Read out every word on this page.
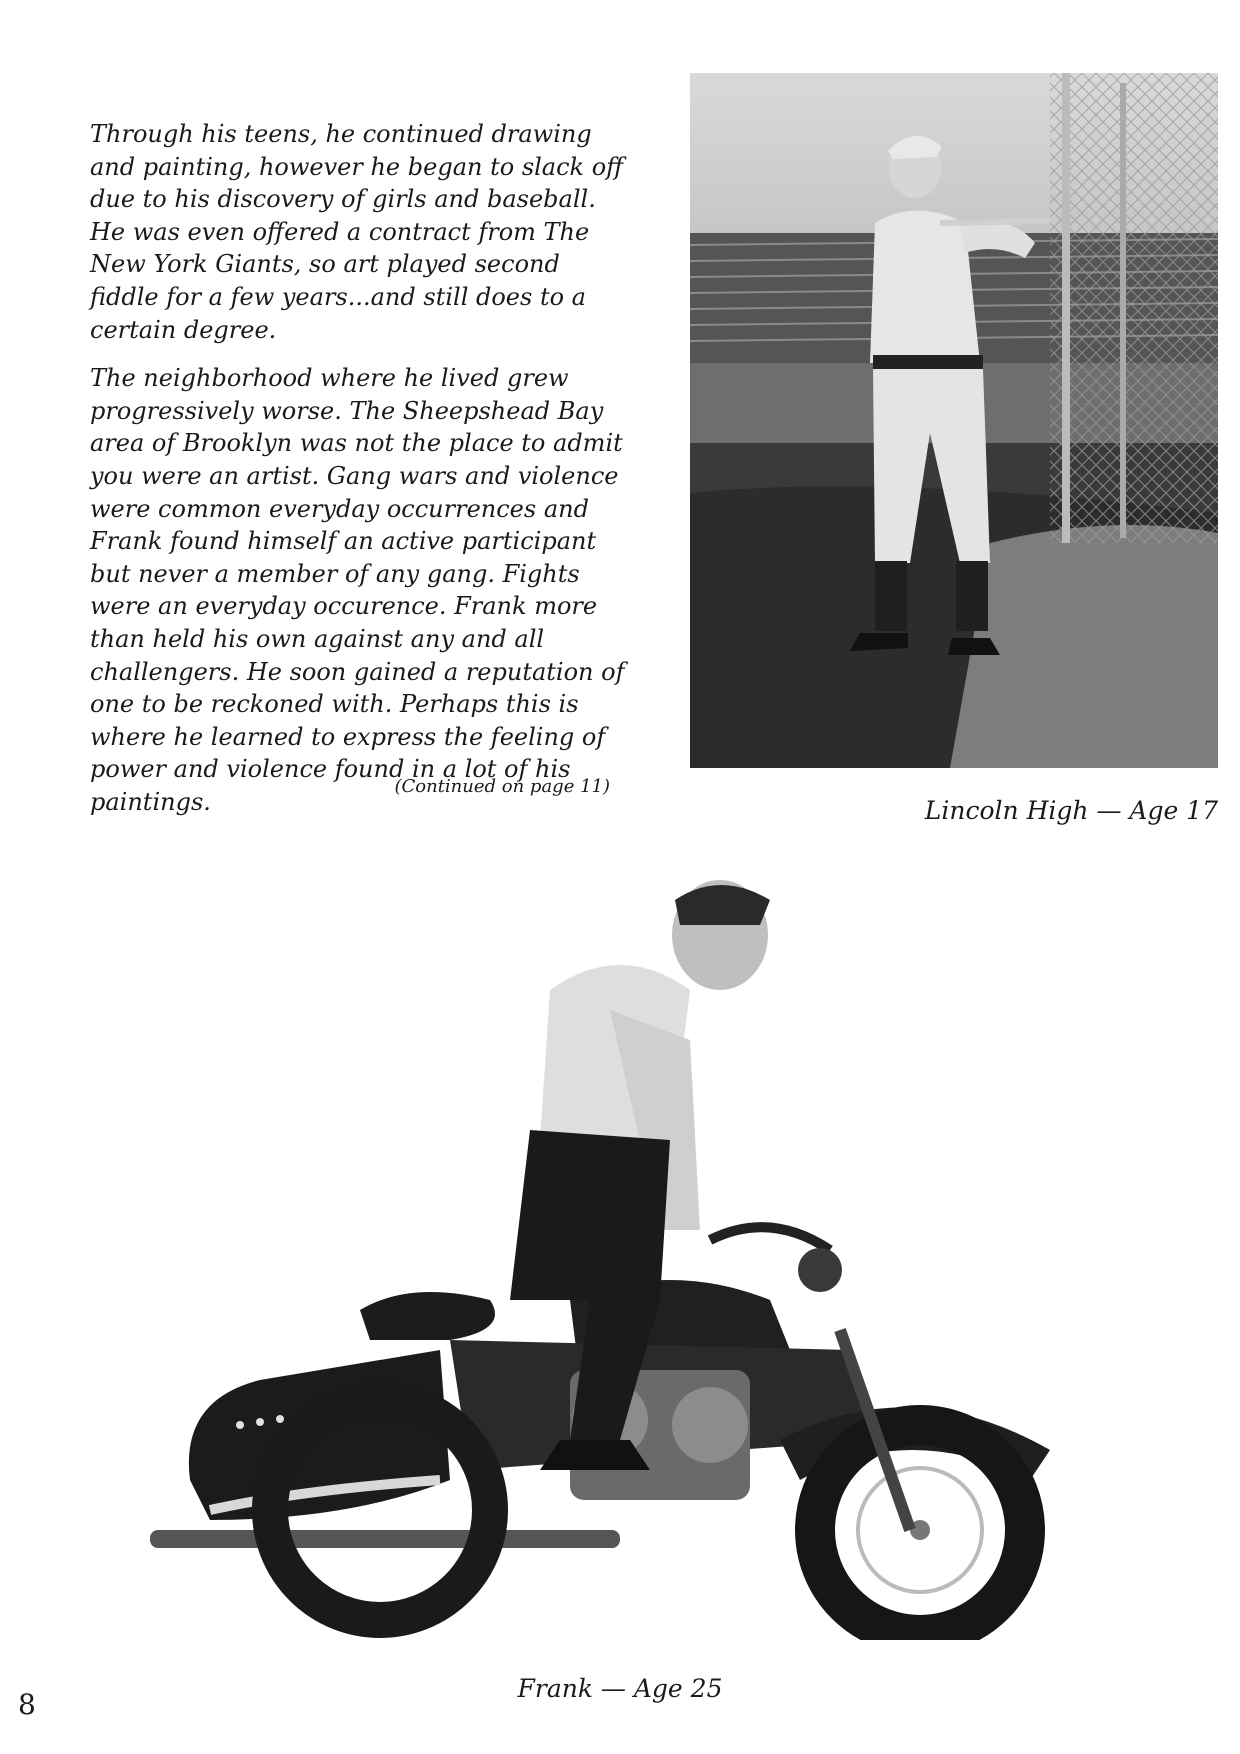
Through his teens, he continued drawing and painting, however he began to slack off due to his discovery of girls and baseball. He was even offered a contract from The New York Giants, so art played second fiddle for a few years...and still does to a certain degree.

The neighborhood where he lived grew progressively worse. The Sheepshead Bay area of Brooklyn was not the place to admit you were an artist. Gang wars and violence were common everyday occurrences and Frank found himself an active participant but never a member of any gang. Fights were an everyday occurence. Frank more than held his own against any and all challengers. He soon gained a reputation of one to be reckoned with. Perhaps this is where he learned to express the feeling of power and violence found in a lot of his paintings.

(Continued on page 11)
Lincoln High — Age 17
Frank — Age 25
8
